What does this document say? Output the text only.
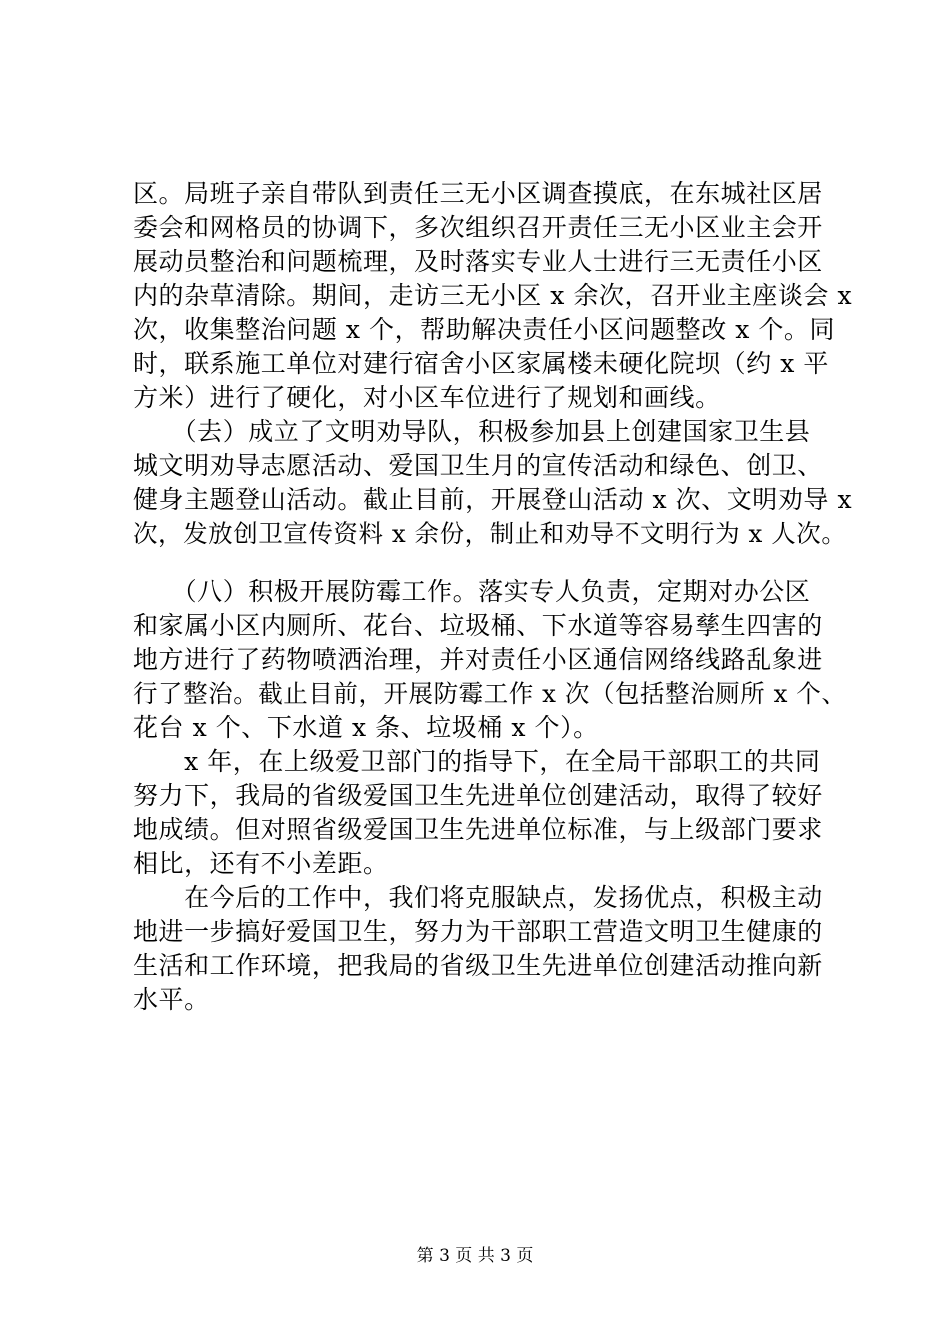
区。局班子亲自带队到责任三无小区调查摸底，在东城社区居
委会和网格员的协调下，多次组织召开责任三无小区业主会开
展动员整治和问题梳理，及时落实专业人士进行三无责任小区
内的杂草清除。期间，走访三无小区 x 余次，召开业主座谈会 x
次，收集整治问题 x 个，帮助解决责任小区问题整改 x 个。同
时，联系施工单位对建行宿舍小区家属楼未硬化院坝（约 x 平
方米）进行了硬化，对小区车位进行了规划和画线。
　　（去）成立了文明劝导队，积极参加县上创建国家卫生县
城文明劝导志愿活动、爱国卫生月的宣传活动和绿色、创卫、
健身主题登山活动。截止目前，开展登山活动 x 次、文明劝导 x
次，发放创卫宣传资料 x 余份，制止和劝导不文明行为 x 人次。
　　（八）积极开展防霉工作。落实专人负责，定期对办公区
和家属小区内厕所、花台、垃圾桶、下水道等容易孳生四害的
地方进行了药物喷洒治理，并对责任小区通信网络线路乱象进
行了整治。截止目前，开展防霉工作 x 次（包括整治厕所 x 个、
花台 x 个、下水道 x 条、垃圾桶 x 个）。
　　x 年，在上级爱卫部门的指导下，在全局干部职工的共同
努力下，我局的省级爱国卫生先进单位创建活动，取得了较好
地成绩。但对照省级爱国卫生先进单位标准，与上级部门要求
相比，还有不小差距。
　　在今后的工作中，我们将克服缺点，发扬优点，积极主动
地进一步搞好爱国卫生，努力为干部职工营造文明卫生健康的
生活和工作环境，把我局的省级卫生先进单位创建活动推向新
水平。
第 3 页 共 3 页
